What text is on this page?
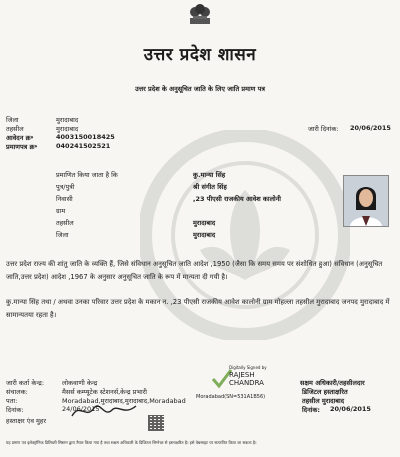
उत्तर प्रदेश शासन
उत्तर प्रदेश के अनुसूचित जाति के लिए जाति प्रमाण पत्र
जिला	मुरादाबाद
तहसील	मुरादाबाद
आवेदन क्र॰	4003150018425
प्रमाणपत्र क्र॰	040241502521
जारी दिनांक: 20/06/2015
प्रमाणित किया जाता है कि	कु.मान्या सिंह
पुत्र/पुत्री	श्री संगीत सिंह
निवासी	,23 पीएसी राजकीय आवेश कालोनी
ग्राम
तहसील	मुरादाबाद
जिला	मुरादाबाद
उत्तर प्रदेश राज्य की शांतु जाति के व्यक्ति हैं, जिसे संविधान अनुसूचित जाति आदेश ,1950 (जैसा कि समय समय पर संशोधित हुआ) संविधान (अनुसूचित जाति,उत्तर प्रदेश) आदेश ,1967 के अनुसार अनुसूचित जाति के रूप में मान्यता दी गयी है।
कु.मान्या सिंह तथा / अथवा उनका परिवार उत्तर प्रदेश के मकान न. ,23 पीएसी राजकीय आवेश कालोनी ग्राम मोहल्ला तहसील मुरादाबाद जनपद मुरादाबाद में सामान्यतया रहता है।
जारी कर्ता केन्द्र:	लोकवाणी केन्द्र
संचालक:	मैसर्स कम्प्यूटेक स्टेशनर्स,केन्द्र प्रभारी
पता:	Moradabad,मुरादाबाद,मुरादाबाद,Moradabad
दिनांक:	24/06/2015
हस्ताक्षर एंव मुहर
Digitally Signed by
RAJESH CHANDRA
Moradabad(SN=531A1B56)
सक्षम अधिकारी/तहसीलदार
डिजिटल हस्ताक्षरित
तहसील मुरादाबाद
दिनांक: 20/06/2015
यह प्रमाण पत्र इलेक्ट्रॉनिक डिलिवरी सिस्टम द्वारा तैयार किया गया है तथा सक्षम अधिकारी के डिजिटल सिग्नेचर से हस्ताक्षरित है। इसे वेबसाइट पर सत्यापित किया जा सकता है।
